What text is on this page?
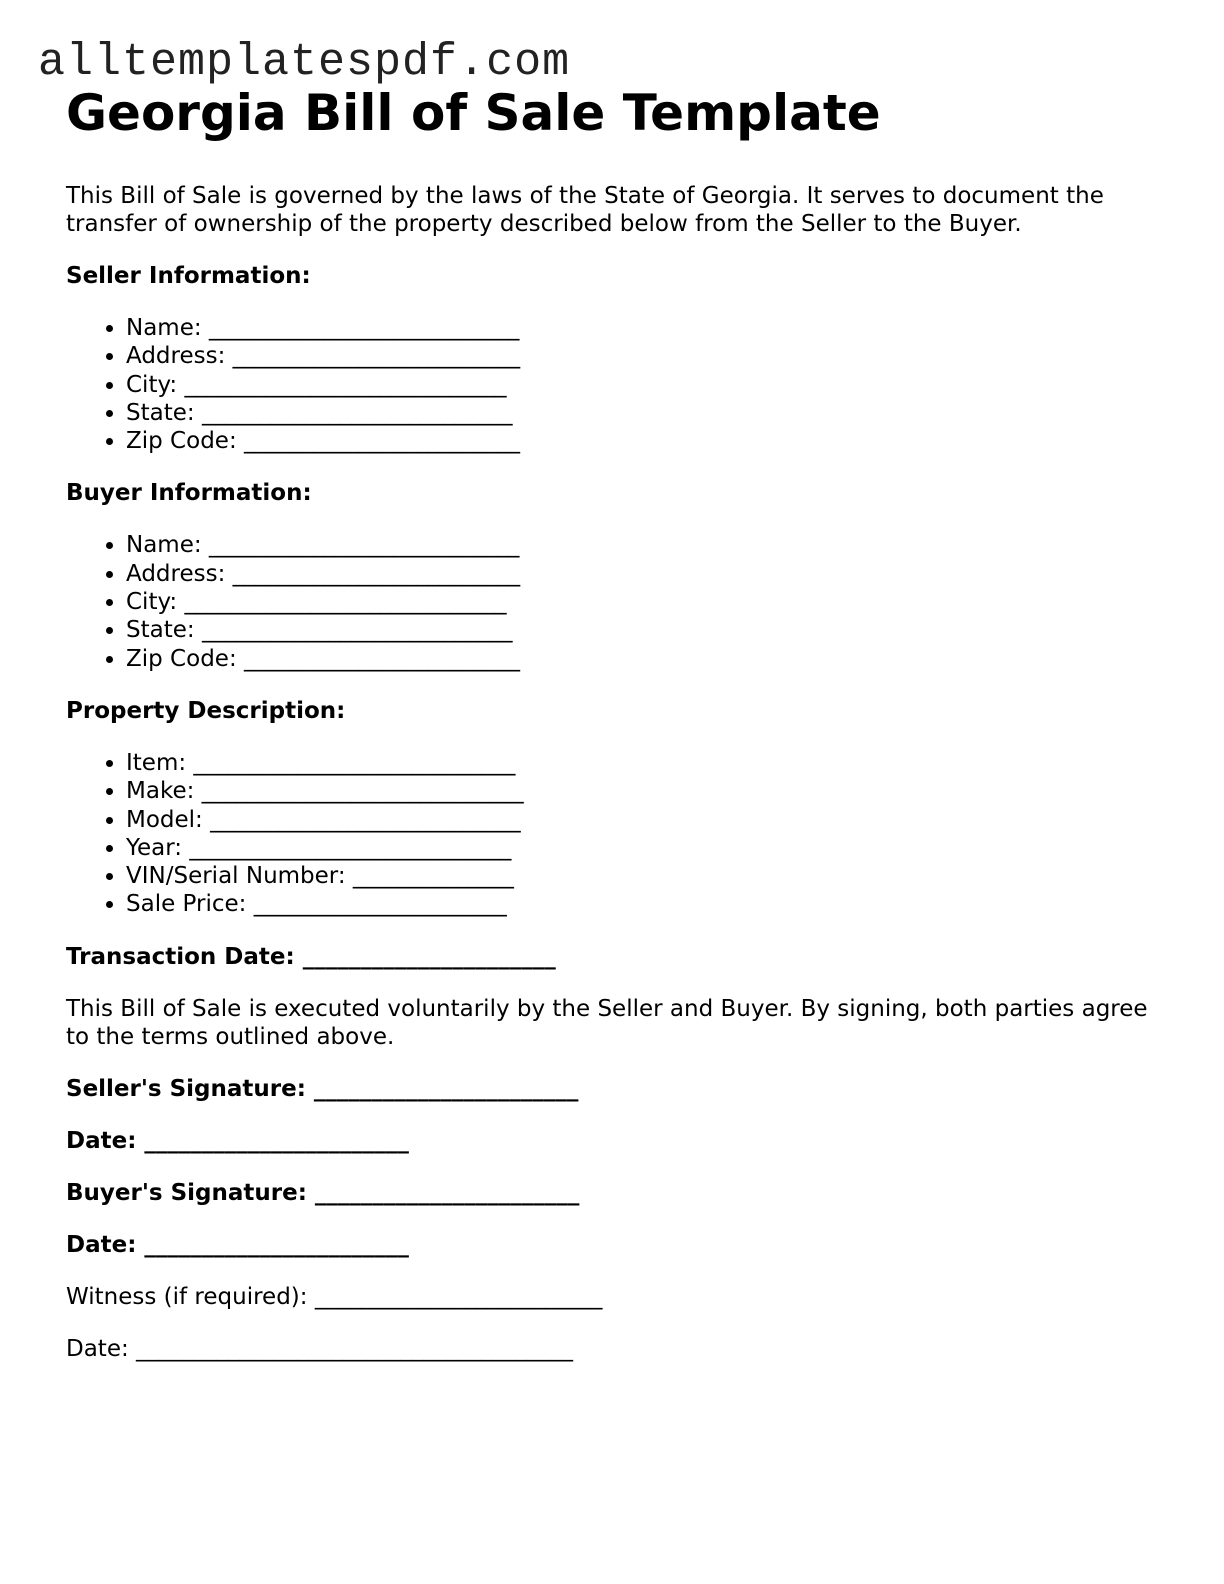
alltemplatespdf.com
Georgia Bill of Sale Template

This Bill of Sale is governed by the laws of the State of Georgia. It serves to document the transfer of ownership of the property described below from the Seller to the Buyer.

Seller Information:

• Name: ___________________________
• Address: _________________________
• City: ____________________________
• State: ___________________________
• Zip Code: ________________________

Buyer Information:

• Name: ___________________________
• Address: _________________________
• City: ____________________________
• State: ___________________________
• Zip Code: ________________________

Property Description:

• Item: ____________________________
• Make: ____________________________
• Model: ___________________________
• Year: ____________________________
• VIN/Serial Number: ______________
• Sale Price: ______________________

Transaction Date: ______________________

This Bill of Sale is executed voluntarily by the Seller and Buyer. By signing, both parties agree to the terms outlined above.

Seller's Signature: _______________________

Date: _______________________

Buyer's Signature: _______________________

Date: _______________________

Witness (if required): _________________________

Date: ______________________________________
